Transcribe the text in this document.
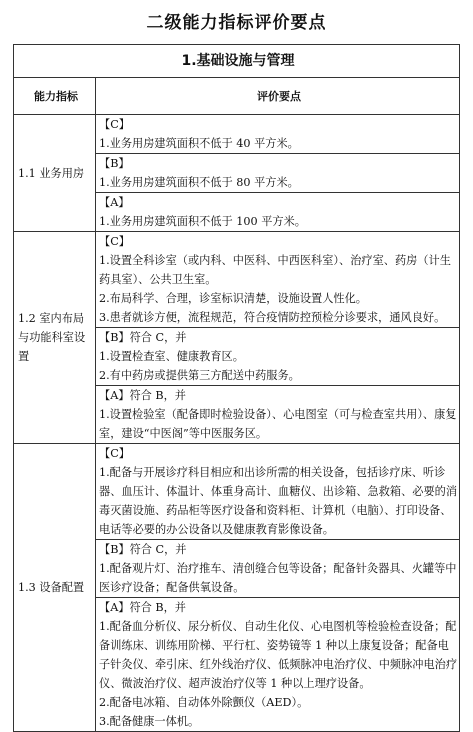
二级能力指标评价要点
1.基础设施与管理	
能力指标	评价要点
1.1 业务用房	【C】
1.业务用房建筑面积不低于 40 平方米。

	【B】
1.业务用房建筑面积不低于 80 平方米。

	【A】
1.业务用房建筑面积不低于 100 平方米。

1.2 室内布局与功能科室设置	【C】
1.设置全科诊室（或内科、中医科、中西医科室）、治疗室、药房（计生药具室）、公共卫生室。
2.布局科学、合理，诊室标识清楚，设施设置人性化。
3.患者就诊方便，流程规范，符合疫情防控预检分诊要求，通风良好。

	【B】符合 C，并
1.设置检查室、健康教育区。
2.有中药房或提供第三方配送中药服务。

	【A】符合 B，并
1.设置检验室（配备即时检验设备）、心电图室（可与检查室共用）、康复室，建设“中医阁”等中医服务区。

1.3 设备配置	【C】
1.配备与开展诊疗科目相应和出诊所需的相关设备，包括诊疗床、听诊器、血压计、体温计、体重身高计、血糖仪、出诊箱、急救箱、必要的消毒灭菌设施、药品柜等医疗设备和资料柜、计算机（电脑）、打印设备、电话等必要的办公设备以及健康教育影像设备。

	【B】符合 C，并
1.配备观片灯、治疗推车、清创缝合包等设备；配备针灸器具、火罐等中医诊疗设备；配备供氧设备。

	【A】符合 B，并
1.配备血分析仪、尿分析仪、自动生化仪、心电图机等检验检查设备；配备训练床、训练用阶梯、平行杠、姿势镜等 1 种以上康复设备；配备电子针灸仪、牵引床、红外线治疗仪、低频脉冲电治疗仪、中频脉冲电治疗仪、微波治疗仪、超声波治疗仪等 1 种以上理疗设备。
2.配备电冰箱、自动体外除颤仪（AED）。
3.配备健康一体机。
